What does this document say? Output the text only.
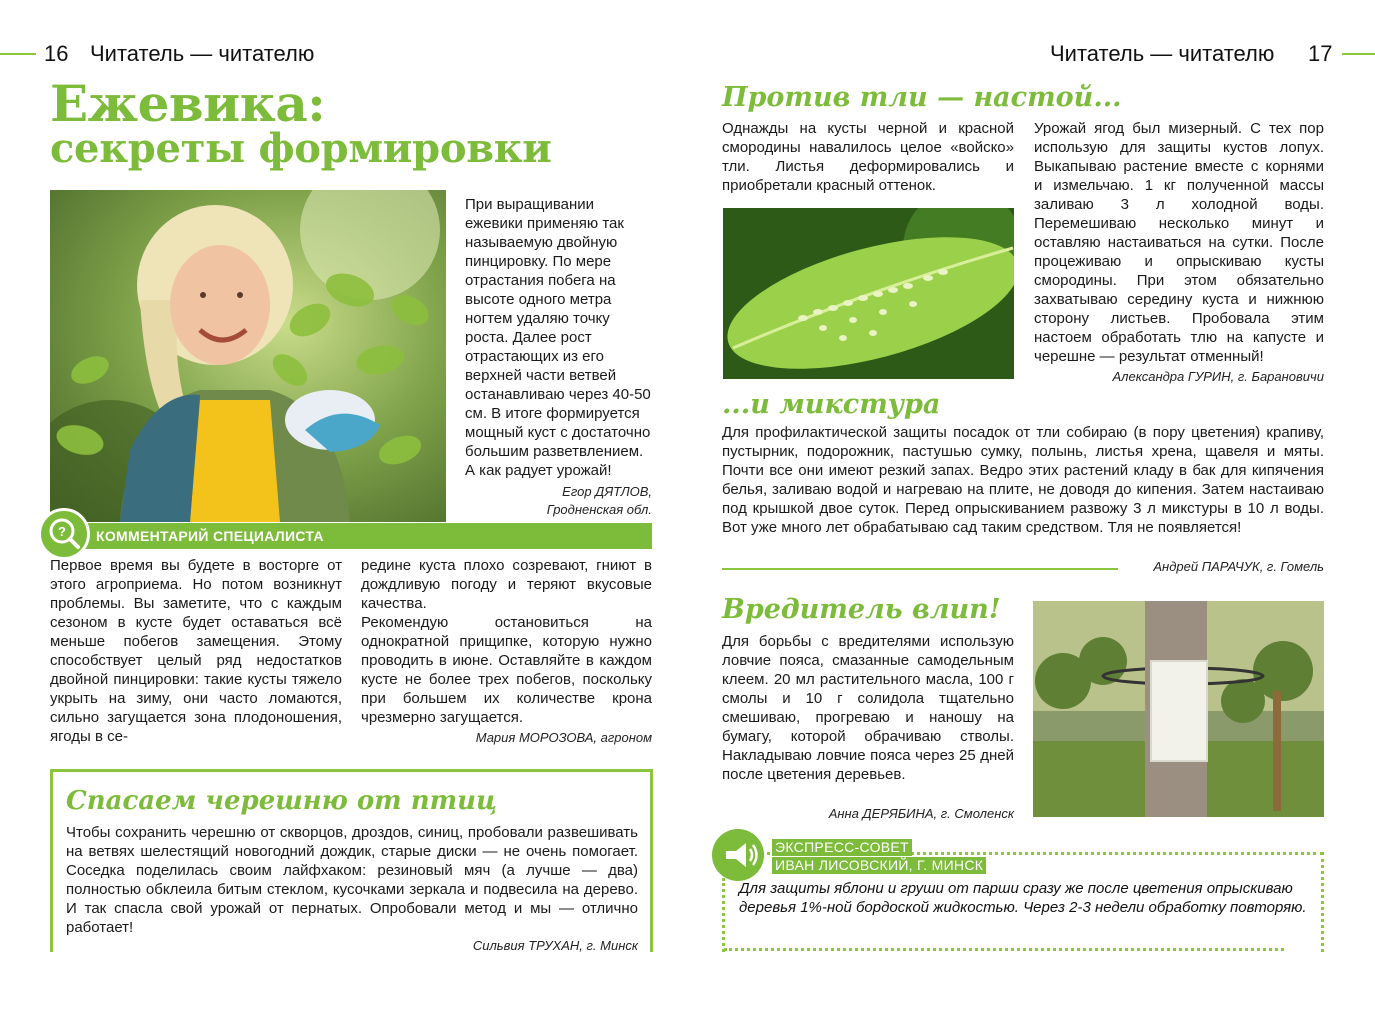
16 Читатель — читателю	Читатель — читателю 17
Ежевика:
секреты формировки
При выращивании ежевики применяю так называемую двойную пинцировку. По мере отрастания побега на высоте одного метра ногтем удаляю точку роста. Далее рост отрастающих из его верхней части ветвей останавливаю через 40-50 см. В итоге формируется мощный куст с достаточно большим разветвлением. А как радует урожай!
Егор ДЯТЛОВ,
Гродненская обл.
КОММЕНТАРИЙ СПЕЦИАЛИСТА
?
Первое время вы будете в восторге от этого агроприема. Но потом возникнут проблемы. Вы заметите, что с каждым сезоном в кусте будет оставаться всё меньше побегов замещения. Этому способствует целый ряд недостатков двойной пинцировки: такие кусты тяжело укрыть на зиму, они часто ломаются, сильно загущается зона плодоношения, ягоды в се-

редине куста плохо созревают, гниют в дождливую погоду и теряют вкусовые качества.

Рекомендую остановиться на однократной прищипке, которую нужно проводить в июне. Оставляйте в каждом кусте не более трех побегов, поскольку при большем их количестве крона чрезмерно загущается.

Мария МОРОЗОВА, агроном
Спасаем черешню от птиц
Чтобы сохранить черешню от скворцов, дроздов, синиц, пробовали развешивать на ветвях шелестящий новогодний дождик, старые диски — не очень помогает. Соседка поделилась своим лайфхаком: резиновый мяч (а лучше — два) полностью обклеила битым стеклом, кусочками зеркала и подвесила на дерево. И так спасла свой урожай от пернатых. Опробовали метод и мы — отлично работает!
Сильвия ТРУХАН, г. Минск
Против тли — настой...
Однажды на кусты черной и красной смородины навалилось целое «войско» тли. Листья деформировались и приобретали красный оттенок.
Урожай ягод был мизерный. С тех пор использую для защиты кустов лопух. Выкапываю растение вместе с корнями и измельчаю. 1 кг полученной массы заливаю 3 л холодной воды. Перемешиваю несколько минут и оставляю настаиваться на сутки. После процеживаю и опрыскиваю кусты смородины. При этом обязательно захватываю середину куста и нижнюю сторону листьев. Пробовала этим настоем обработать тлю на капусте и черешне — результат отменный!
Александра ГУРИН, г. Барановичи
...и микстура
Для профилактической защиты посадок от тли собираю (в пору цветения) крапиву, пустырник, подорожник, пастушью сумку, полынь, листья хрена, щавеля и мяты. Почти все они имеют резкий запах. Ведро этих растений кладу в бак для кипячения белья, заливаю водой и нагреваю на плите, не доводя до кипения. Затем настаиваю под крышкой двое суток. Перед опрыскиванием развожу 3 л микстуры в 10 л воды. Вот уже много лет обрабатываю сад таким средством. Тля не появляется!
Андрей ПАРАЧУК, г. Гомель
Вредитель влип!
Для борьбы с вредителями использую ловчие пояса, смазанные самодельным клеем. 20 мл растительного масла, 100 г смолы и 10 г солидола тщательно смешиваю, прогреваю и наношу на бумагу, которой обрачиваю стволы. Накладываю ловчие пояса через 25 дней после цветения деревьев.
Анна ДЕРЯБИНА, г. Смоленск
ЭКСПРЕСС-СОВЕТ
ИВАН ЛИСОВСКИЙ, Г. МИНСК
Для защиты яблони и груши от парши сразу же после цветения опрыскиваю деревья 1%-ной бордоской жидкостью. Через 2-3 недели обработку повторяю.
